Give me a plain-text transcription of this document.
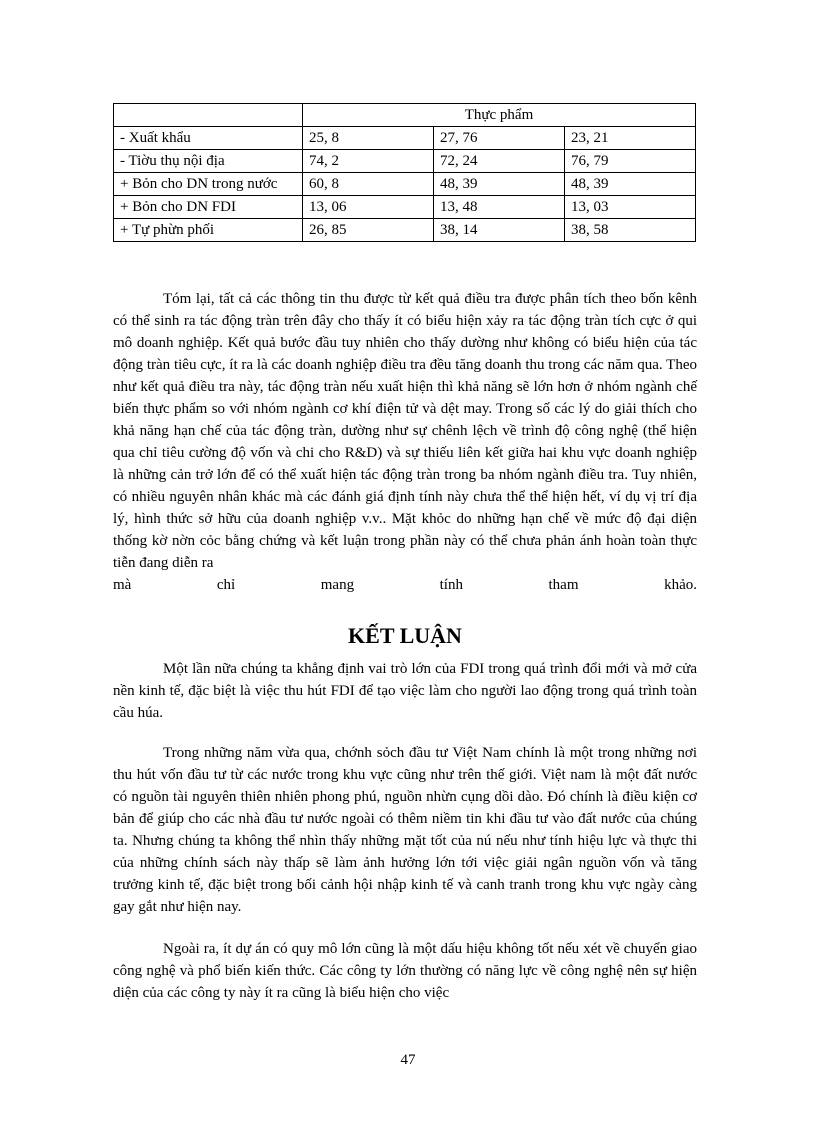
	Thực phẩm		
- Xuất khẩu	25, 8	27, 76	23, 21
- Tiờu thụ nội địa	74, 2	72, 24	76, 79
+ Bỏn cho DN trong nước	60, 8	48, 39	48, 39
+ Bỏn cho DN FDI	13, 06	13, 48	13, 03
+ Tự phừn phối	26, 85	38, 14	38, 58

Tóm lại, tất cả các thông tin thu được từ kết quả điều tra được phân tích theo bốn kênh có thể sinh ra tác động tràn trên đây cho thấy ít có biểu hiện xảy ra tác động tràn tích cực ở qui mô doanh nghiệp. Kết quả bước đầu tuy nhiên cho thấy dường như không có biểu hiện của tác động tràn tiêu cực, ít ra là các doanh nghiệp điều tra đều tăng doanh thu trong các năm qua. Theo như kết quả điều tra này, tác động tràn nếu xuất hiện thì khả năng sẽ lớn hơn ở nhóm ngành chế biến thực phẩm so với nhóm ngành cơ khí điện tử và dệt may. Trong số các lý do giải thích cho khả năng hạn chế của tác động tràn, dường như sự chênh lệch về trình độ công nghệ (thể hiện qua chỉ tiêu cường độ vốn và chi cho R&D) và sự thiếu liên kết giữa hai khu vực doanh nghiệp là những cản trở lớn để có thể xuất hiện tác động tràn trong ba nhóm ngành điều tra. Tuy nhiên, có nhiều nguyên nhân khác mà các đánh giá định tính này chưa thể thể hiện hết, ví dụ vị trí địa lý, hình thức sở hữu của doanh nghiệp v.v.. Mặt khỏc do những hạn chế về mức độ đại diện thống kờ nờn cỏc bằng chứng và kết luận trong phần này có thể chưa phản ánh hoàn toàn thực tiễn đang diễn ra

mà	chỉ	mang	tính	tham	khảo.
KẾT LUẬN

Một lần nữa chúng ta khẳng định vai trò lớn của FDI trong quá trình đổi mới và mở cửa nền kinh tế, đặc biệt là việc thu hút FDI để tạo việc làm cho người lao động trong quá trình toàn cầu húa.

Trong những năm vừa qua, chớnh sỏch đầu tư Việt Nam chính là một trong những nơi thu hút vốn đầu tư từ các nước trong khu vực cũng như trên thế giới. Việt nam là một đất nước có nguồn tài nguyên thiên nhiên phong phú, nguồn nhừn cụng dồi dào. Đó chính là điều kiện cơ bản để giúp cho các nhà đầu tư nước ngoài có thêm niềm tin khi đầu tư vào đất nước của chúng ta. Nhưng chúng ta không thể nhìn thấy những mặt tốt của nú nếu như tính hiệu lực và thực thi của những chính sách này thấp sẽ làm ảnh hưởng lớn tới việc giải ngân nguồn vốn và tăng trưởng kinh tế, đặc biệt trong bối cảnh hội nhập kinh tế và canh tranh trong khu vực ngày càng gay gắt như hiện nay.

Ngoài ra, ít dự án có quy mô lớn cũng là một dấu hiệu không tốt nếu xét về chuyển giao công nghệ và phổ biến kiến thức. Các công ty lớn thường có năng lực về công nghệ nên sự hiện diện của các công ty này ít ra cũng là biểu hiện cho việc

47
